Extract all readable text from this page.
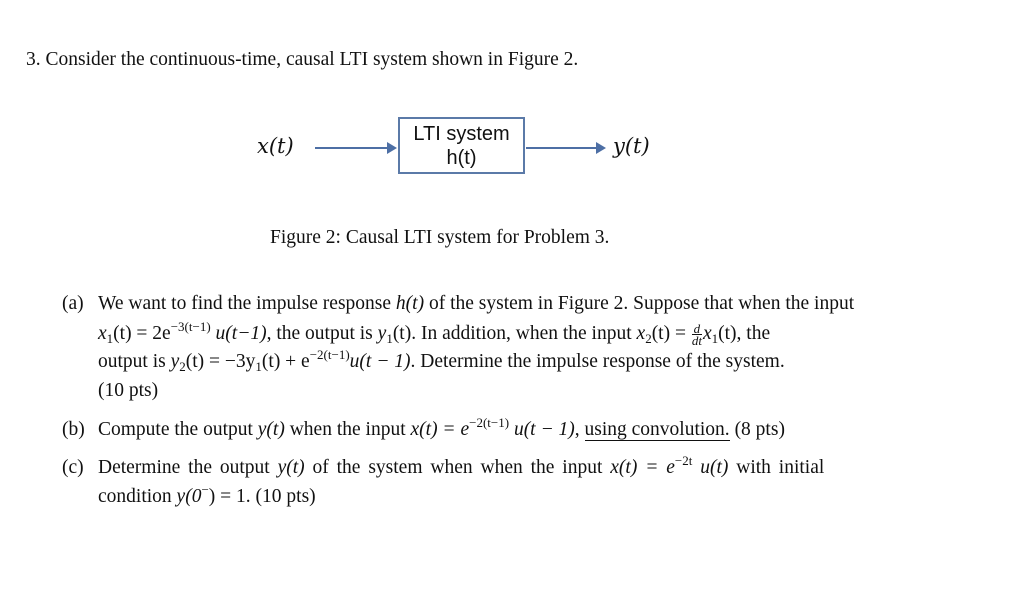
3. Consider the continuous-time, causal LTI system shown in Figure 2.
x(t)	LTI system
h(t)	y(t)
Figure 2: Causal LTI system for Problem 3.
(a) We want to find the impulse response h(t) of the system in Figure 2. Suppose that when the input
$x_1(t) = 2e^{-3(t-1)}$ u(t−1), the output is $y_1(t)$. In addition, when the input $x_2(t) = \frac{d}{dt} x_1(t)$, the
output is $y_2(t) = -3y_1(t) + e^{-2(t-1)}u(t - 1)$. Determine the impulse response of the system.
(10 pts)
(b) Compute the output y(t) when the input $x(t) = e^{-2(t-1)}$ u(t − 1), using convolution. (8 pts)
(c) Determine the output y(t) of the system when when the input $x(t) = e^{-2t}$ u(t) with initial
condition y(0−) = 1. (10 pts)
